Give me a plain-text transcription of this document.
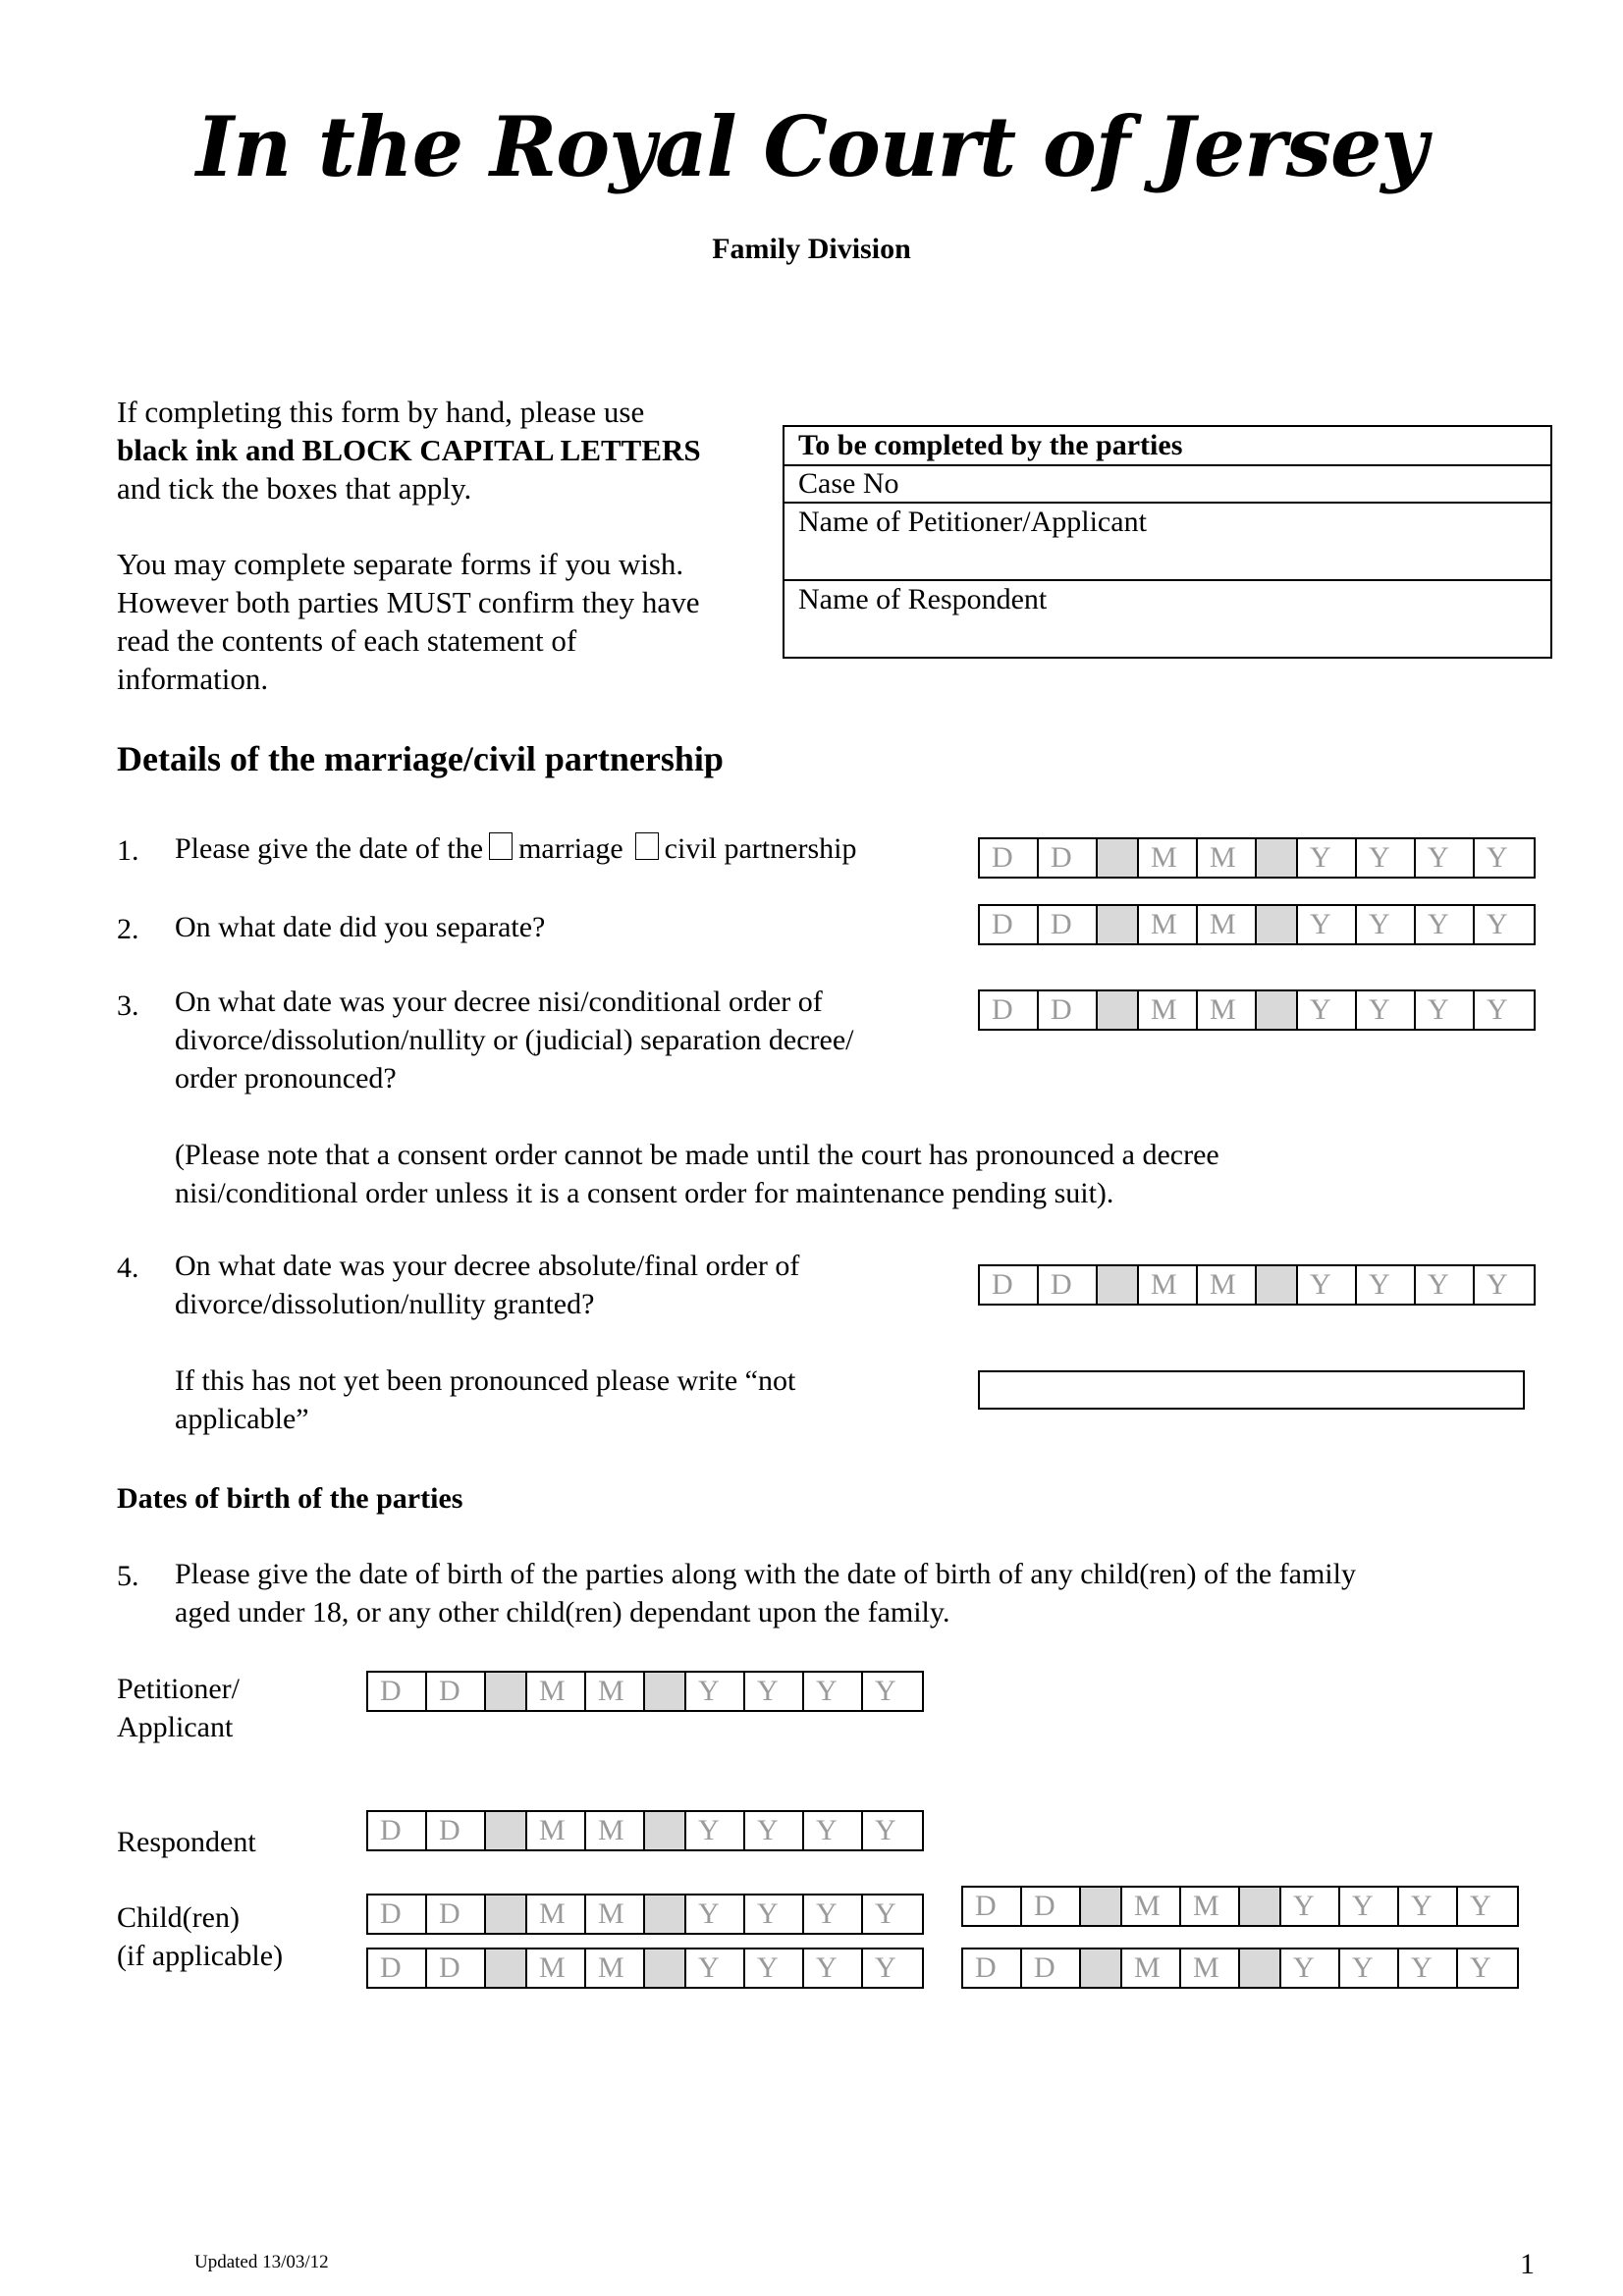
In the Royal Court of Jersey
Family Division
If completing this form by hand, please use
black ink and BLOCK CAPITAL LETTERS
and tick the boxes that apply.
You may complete separate forms if you wish.
However both parties MUST confirm they have
read the contents of each statement of
information.
To be completed by the parties
Case No
Name of Petitioner/Applicant
Name of Respondent
Details of the marriage/civil partnership
1. Please give the date of the marriage civil partnership	D	D	M	M	Y	Y	Y	Y
2. On what date did you separate?	D	D	M	M	Y	Y	Y	Y
3. On what date was your decree nisi/conditional order of
divorce/dissolution/nullity or (judicial) separation decree/
order pronounced?
D	D	M	M	Y	Y	Y	Y
(Please note that a consent order cannot be made until the court has pronounced a decree
nisi/conditional order unless it is a consent order for maintenance pending suit).
4. On what date was your decree absolute/final order of
divorce/dissolution/nullity granted?
D	D	M	M	Y	Y	Y	Y
If this has not yet been pronounced please write “not
applicable”
Dates of birth of the parties
5. Please give the date of birth of the parties along with the date of birth of any child(ren) of the family
aged under 18, or any other child(ren) dependant upon the family.
Petitioner/
Applicant
D	D	M	M	Y	Y	Y	Y
Respondent	D	D	M	M	Y	Y	Y	Y
Child(ren)
(if applicable)
D	D	M	M	Y	Y	Y	Y
D	D	M	M	Y	Y	Y	Y
D	D	M	M	Y	Y	Y	Y
D	D	M	M	Y	Y	Y	Y
Updated 13/03/12	1
